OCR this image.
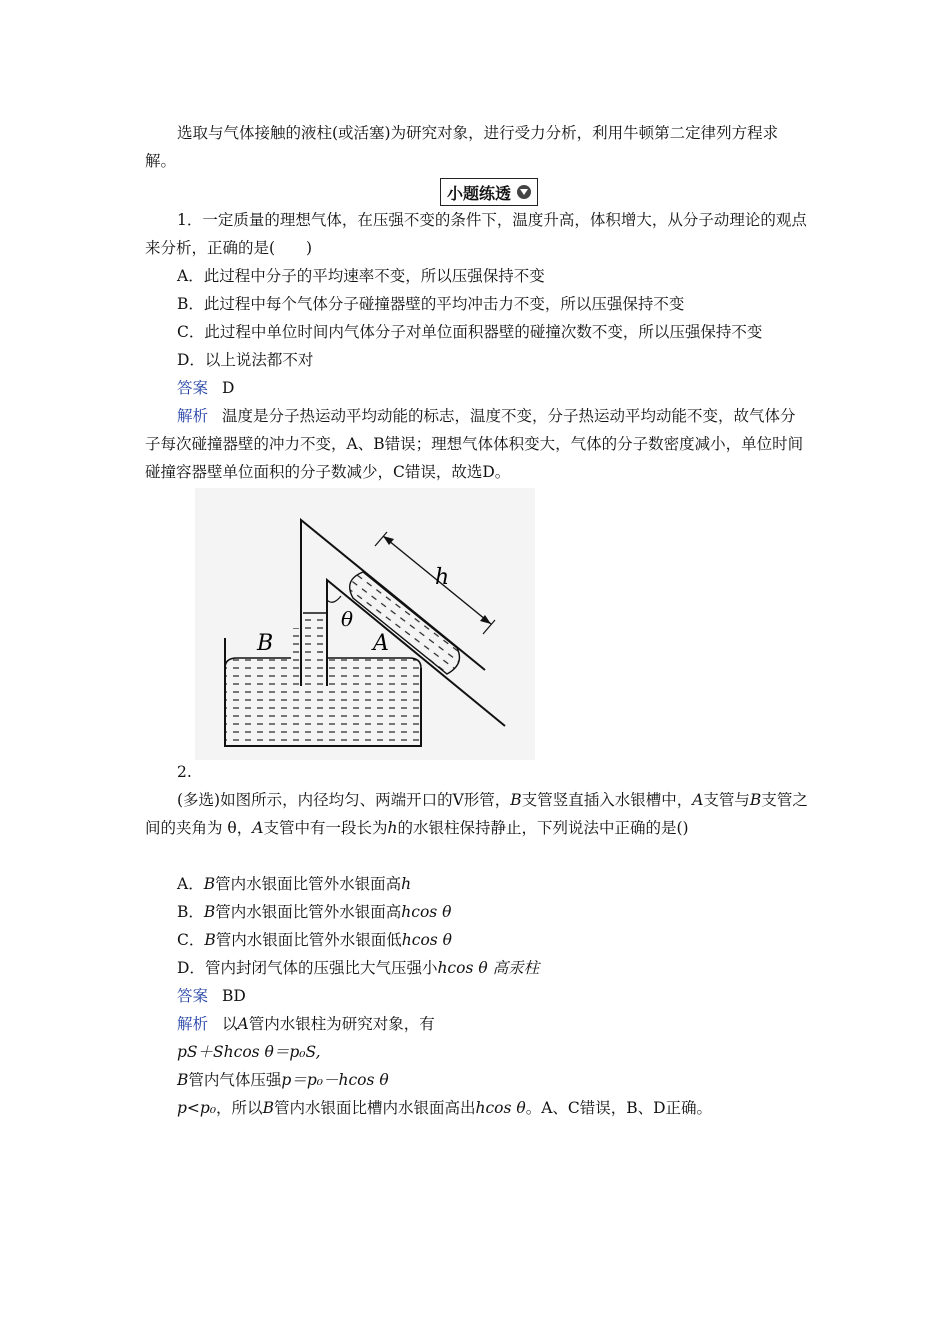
选取与气体接触的液柱(或活塞)为研究对象，进行受力分析，利用牛顿第二定律列方程求解。

小题练透

1．一定质量的理想气体，在压强不变的条件下，温度升高，体积增大，从分子动理论的观点来分析，正确的是(　　)

A．此过程中分子的平均速率不变，所以压强保持不变
B．此过程中每个气体分子碰撞器壁的平均冲击力不变，所以压强保持不变
C．此过程中单位时间内气体分子对单位面积器壁的碰撞次数不变，所以压强保持不变
D．以上说法都不对
答案 D

解析 温度是分子热运动平均动能的标志，温度不变，分子热运动平均动能不变，故气体分子每次碰撞器壁的冲力不变，A、B错误；理想气体体积变大，气体的分子数密度减小，单位时间碰撞容器壁单位面积的分子数减少，C错误，故选D。

h
θ
B	A
2.

(多选)如图所示，内径均匀、两端开口的V形管，B支管竖直插入水银槽中，A支管与B支管之间的夹角为 θ，A支管中有一段长为h的水银柱保持静止，下列说法中正确的是()

A．B管内水银面比管外水银面高h
B．B管内水银面比管外水银面高hcos θ
C．B管内水银面比管外水银面低hcos θ
D．管内封闭气体的压强比大气压强小hcos θ 高汞柱
答案 BD
解析 以A管内水银柱为研究对象，有
pS＋Shcos θ＝p₀S,
B管内气体压强p＝p₀－hcos θ
p<p₀，所以B管内水银面比槽内水银面高出hcos θ。A、C错误，B、D正确。
